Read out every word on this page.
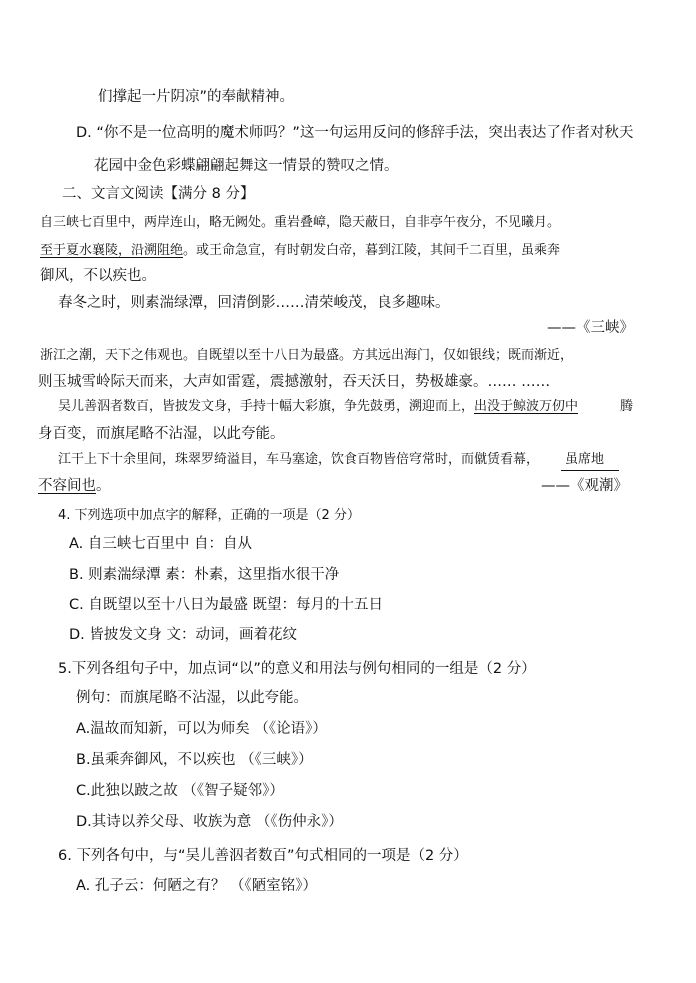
们撑起一片阴凉”的奉献精神。
D. “你不是一位高明的魔术师吗？”这一句运用反问的修辞手法，突出表达了作者对秋天
花园中金色彩蝶翩翩起舞这一情景的赞叹之情。
二、文言文阅读【满分 8 分】
自三峡七百里中，两岸连山，略无阙处。重岩叠嶂，隐天蔽日，自非亭午夜分，不见曦月。
至于夏水襄陵，沿溯阻绝。或王命急宣，有时朝发白帝，暮到江陵，其间千二百里，虽乘奔
御风，不以疾也。
春冬之时，则素湍绿潭，回清倒影……清荣峻茂，良多趣味。
——《三峡》
浙江之潮，天下之伟观也。自既望以至十八日为最盛。方其远出海门，仅如银线；既而渐近，
则玉城雪岭际天而来，大声如雷霆，震撼激射，吞天沃日，势极雄豪。…… ……
吴儿善泅者数百，皆披发文身，手持十幅大彩旗，争先鼓勇，溯迎而上，出没于鲸波万仞中	腾
身百变，而旗尾略不沾湿，以此夸能。
江干上下十余里间，珠翠罗绮溢目，车马塞途，饮食百物皆倍穹常时，而僦赁看幕，	虽席地
不容间也。	——《观潮》
4. 下列选项中加点字的解释，正确的一项是（2 分）
A. 自三峡七百里中 自：自从
B. 则素湍绿潭 素：朴素，这里指水很干净
C. 自既望以至十八日为最盛 既望：每月的十五日
D. 皆披发文身 文：动词，画着花纹
5.下列各组句子中，加点词“以”的意义和用法与例句相同的一组是（2 分）
例句：而旗尾略不沾湿，以此夸能。
A.温故而知新，可以为师矣 （《论语》）
B.虽乘奔御风，不以疾也 （《三峡》）
C.此独以跛之故 （《智子疑邻》）
D.其诗以养父母、收族为意 （《伤仲永》）
6. 下列各句中，与“吴儿善泅者数百”句式相同的一项是（2 分）
A. 孔子云：何陋之有？ （《陋室铭》）
